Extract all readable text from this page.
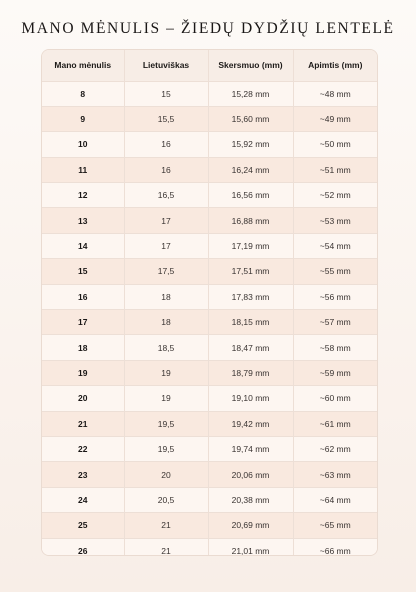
MANO MĖNULIS – ŽIEDŲ DYDŽIŲ LENTELĖ
Mano mėnulis	Lietuviškas	Skersmuo (mm)	Apimtis (mm)
8	15	15,28 mm	~48 mm
9	15,5	15,60 mm	~49 mm
10	16	15,92 mm	~50 mm
11	16	16,24 mm	~51 mm
12	16,5	16,56 mm	~52 mm
13	17	16,88 mm	~53 mm
14	17	17,19 mm	~54 mm
15	17,5	17,51 mm	~55 mm
16	18	17,83 mm	~56 mm
17	18	18,15 mm	~57 mm
18	18,5	18,47 mm	~58 mm
19	19	18,79 mm	~59 mm
20	19	19,10 mm	~60 mm
21	19,5	19,42 mm	~61 mm
22	19,5	19,74 mm	~62 mm
23	20	20,06 mm	~63 mm
24	20,5	20,38 mm	~64 mm
25	21	20,69 mm	~65 mm
26	21	21,01 mm	~66 mm
